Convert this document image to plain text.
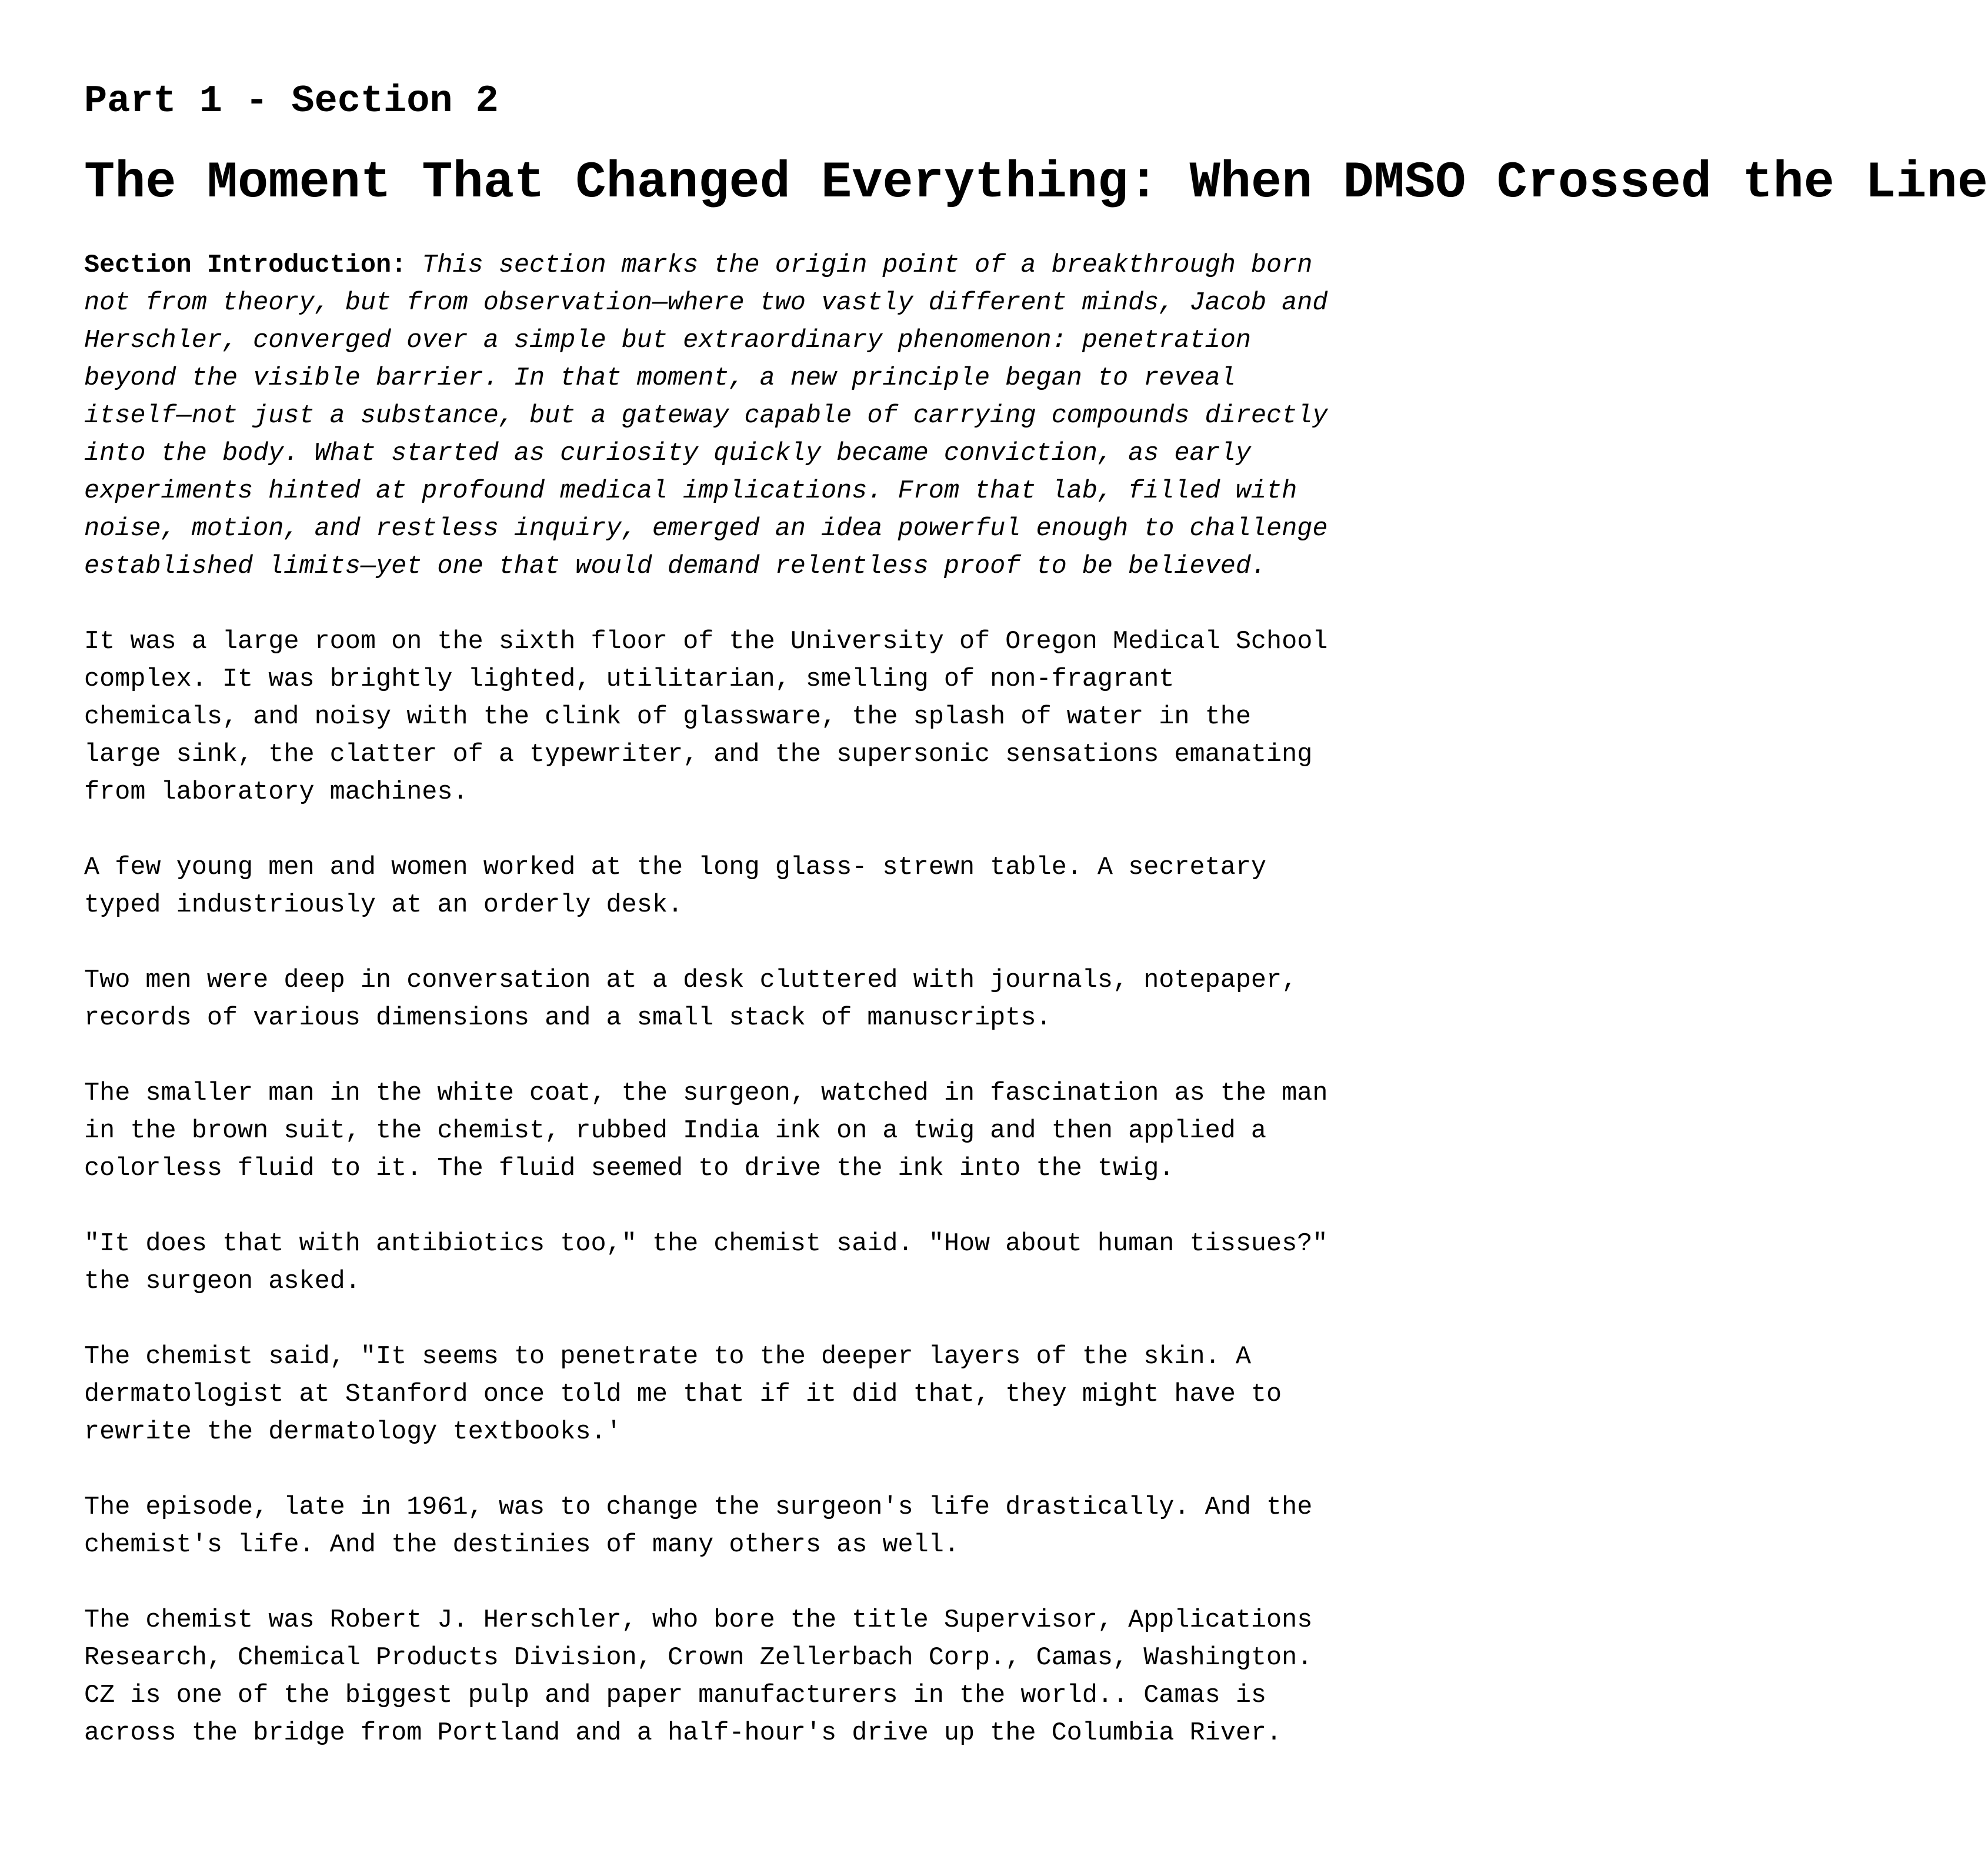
Part 1 - Section 2
The Moment That Changed Everything: When DMSO Crossed the Line
Section Introduction: This section marks the origin point of a breakthrough born
not from theory, but from observation—where two vastly different minds, Jacob and
Herschler, converged over a simple but extraordinary phenomenon: penetration
beyond the visible barrier. In that moment, a new principle began to reveal
itself—not just a substance, but a gateway capable of carrying compounds directly
into the body. What started as curiosity quickly became conviction, as early
experiments hinted at profound medical implications. From that lab, filled with
noise, motion, and restless inquiry, emerged an idea powerful enough to challenge
established limits—yet one that would demand relentless proof to be believed.
It was a large room on the sixth floor of the University of Oregon Medical School
complex. It was brightly lighted, utilitarian, smelling of non-fragrant
chemicals, and noisy with the clink of glassware, the splash of water in the
large sink, the clatter of a typewriter, and the supersonic sensations emanating
from laboratory machines.
A few young men and women worked at the long glass- strewn table. A secretary
typed industriously at an orderly desk.
Two men were deep in conversation at a desk cluttered with journals, notepaper,
records of various dimensions and a small stack of manuscripts.
The smaller man in the white coat, the surgeon, watched in fascination as the man
in the brown suit, the chemist, rubbed India ink on a twig and then applied a
colorless fluid to it. The fluid seemed to drive the ink into the twig.
"It does that with antibiotics too," the chemist said. "How about human tissues?"
the surgeon asked.
The chemist said, "It seems to penetrate to the deeper layers of the skin. A
dermatologist at Stanford once told me that if it did that, they might have to
rewrite the dermatology textbooks.'
The episode, late in 1961, was to change the surgeon's life drastically. And the
chemist's life. And the destinies of many others as well.
The chemist was Robert J. Herschler, who bore the title Supervisor, Applications
Research, Chemical Products Division, Crown Zellerbach Corp., Camas, Washington.
CZ is one of the biggest pulp and paper manufacturers in the world.. Camas is
across the bridge from Portland and a half-hour's drive up the Columbia River.
